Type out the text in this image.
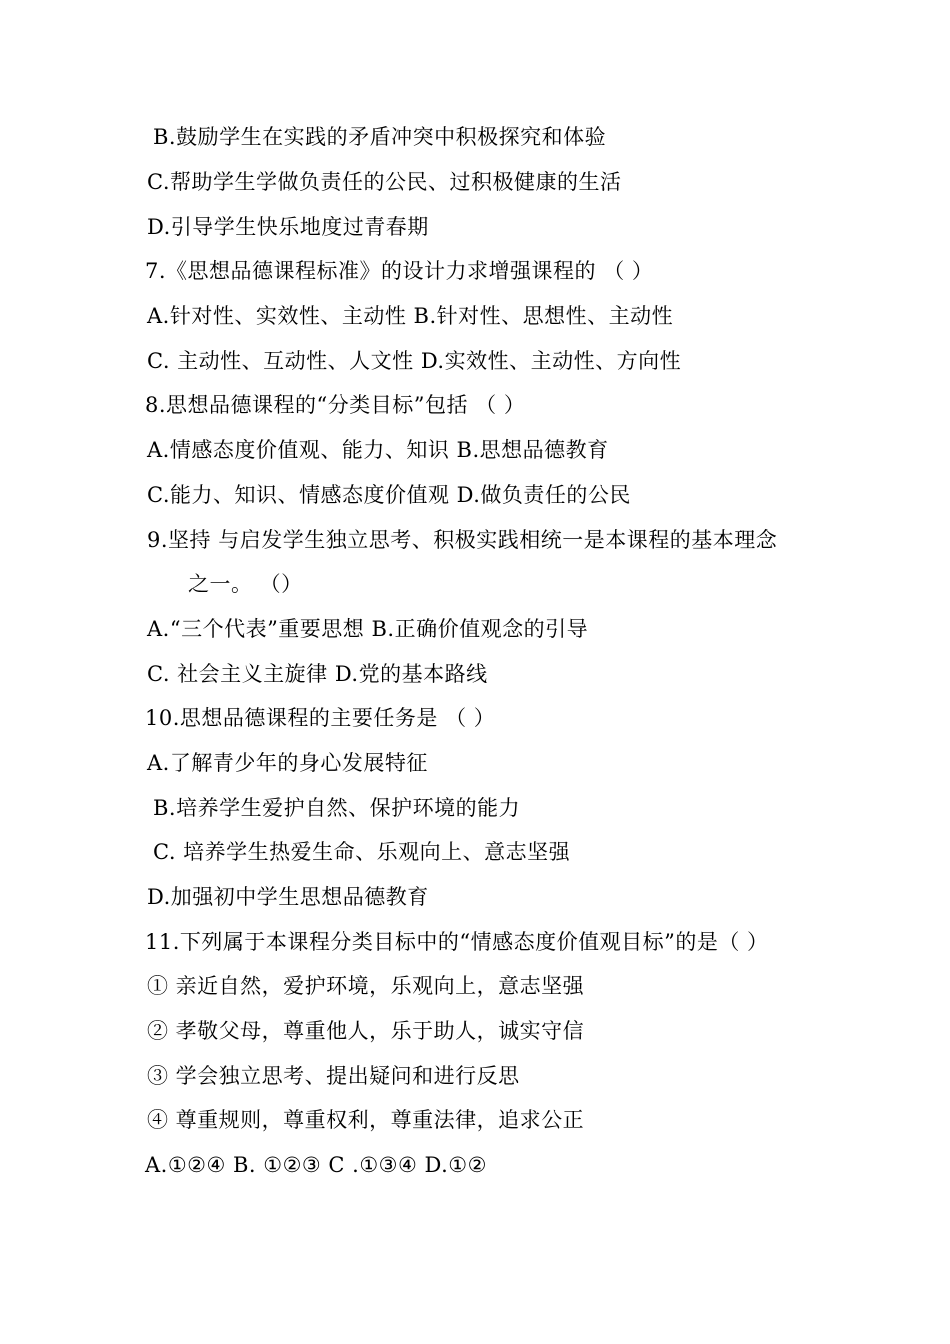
B.鼓励学生在实践的矛盾冲突中积极探究和体验
C.帮助学生学做负责任的公民、过积极健康的生活
D.引导学生快乐地度过青春期
7.《思想品德课程标准》的设计力求增强课程的 （ ）
A.针对性、实效性、主动性 B.针对性、思想性、主动性
C. 主动性、互动性、人文性 D.实效性、主动性、方向性
8.思想品德课程的“分类目标”包括 （ ）
A.情感态度价值观、能力、知识 B.思想品德教育
C.能力、知识、情感态度价值观 D.做负责任的公民
9.坚持 与启发学生独立思考、积极实践相统一是本课程的基本理念
之一。 （）
A.“三个代表”重要思想 B.正确价值观念的引导
C. 社会主义主旋律 D.党的基本路线
10.思想品德课程的主要任务是 （ ）
A.了解青少年的身心发展特征
B.培养学生爱护自然、保护环境的能力
C. 培养学生热爱生命、乐观向上、意志坚强
D.加强初中学生思想品德教育
11.下列属于本课程分类目标中的“情感态度价值观目标”的是（ ）
① 亲近自然，爱护环境，乐观向上，意志坚强
② 孝敬父母，尊重他人，乐于助人，诚实守信
③ 学会独立思考、提出疑问和进行反思
④ 尊重规则，尊重权利，尊重法律，追求公正
A.①②④ B. ①②③ C .①③④ D.①②
